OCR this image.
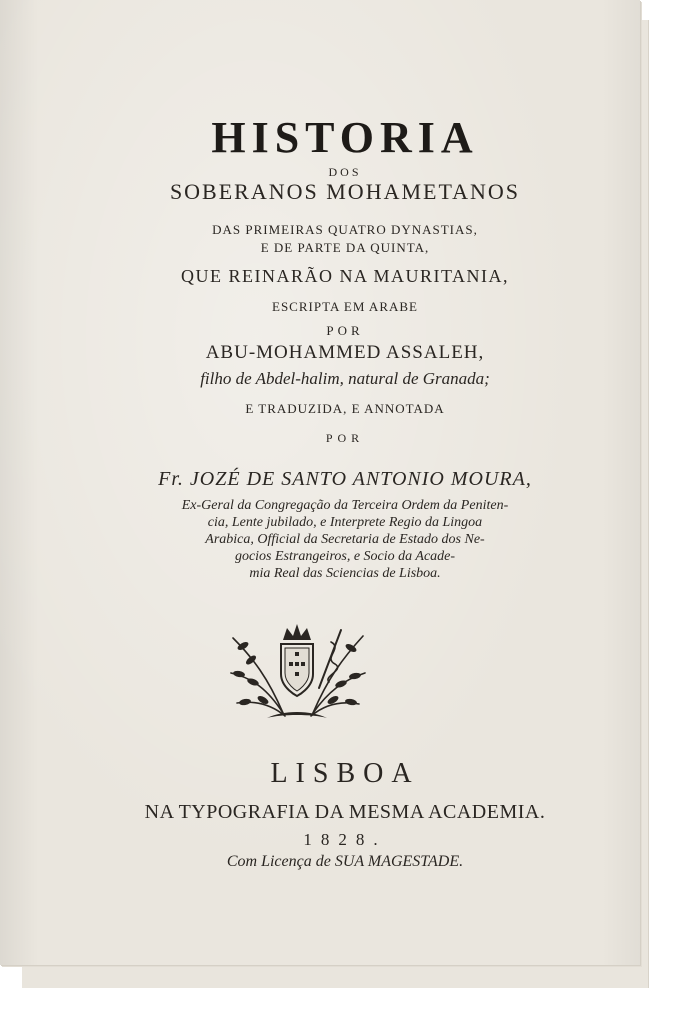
HISTORIA
DOS
SOBERANOS MOHAMETANOS
DAS PRIMEIRAS QUATRO DYNASTIAS,
E DE PARTE DA QUINTA,
QUE REINARÃO NA MAURITANIA,
ESCRIPTA EM ARABE
POR
ABU-MOHAMMED ASSALEH,
filho de Abdel-halim, natural de Granada;
E TRADUZIDA, E ANNOTADA
POR
Fr. JOZÉ DE SANTO ANTONIO MOURA,
Ex-Geral da Congregação da Terceira Ordem da Peniten-
cia, Lente jubilado, e Interprete Regio da Lingoa
Arabica, Official da Secretaria de Estado dos Ne-
gocios Estrangeiros, e Socio da Acade-
mia Real das Sciencias de Lisboa.
LISBOA
NA TYPOGRAFIA DA MESMA ACADEMIA.
1828.
Com Licença de SUA MAGESTADE.
